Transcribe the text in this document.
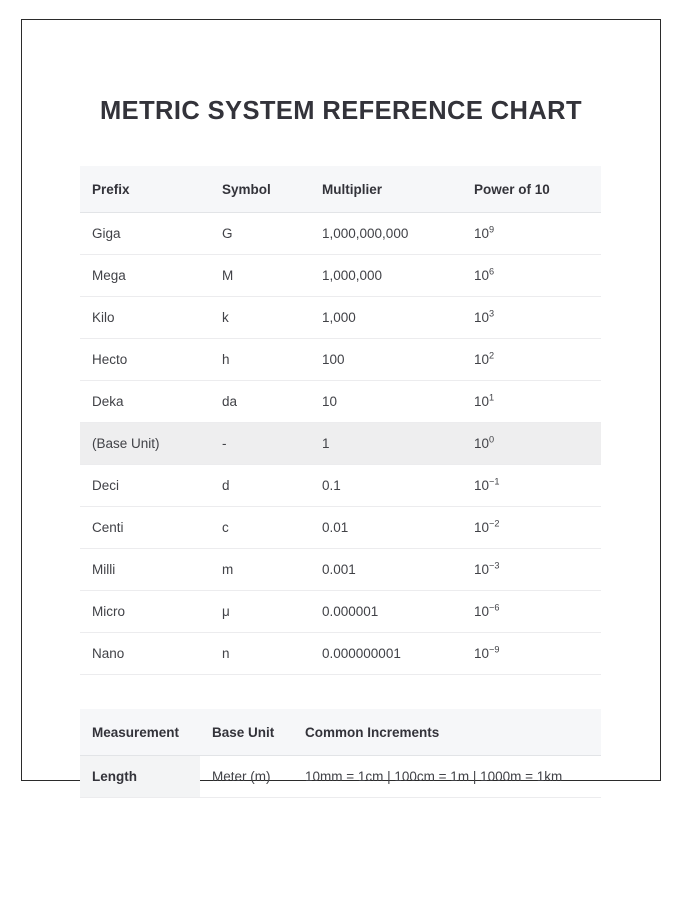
METRIC SYSTEM REFERENCE CHART
Prefix	Symbol	Multiplier	Power of 10
Giga	G	1,000,000,000	$10^9$
Mega	M	1,000,000	$10^6$
Kilo	k	1,000	$10^3$
Hecto	h	100	$10^2$
Deka	da	10	$10^1$
(Base Unit)	-	1	$10^0$
Deci	d	0.1	$10^{-1}$
Centi	c	0.01	$10^{-2}$
Milli	m	0.001	$10^{-3}$
Micro	μ	0.000001	$10^{-6}$
Nano	n	0.000000001	$10^{-9}$
Measurement	Base Unit	Common Increments
Length	Meter (m)	10mm = 1cm | 100cm = 1m | 1000m = 1km
